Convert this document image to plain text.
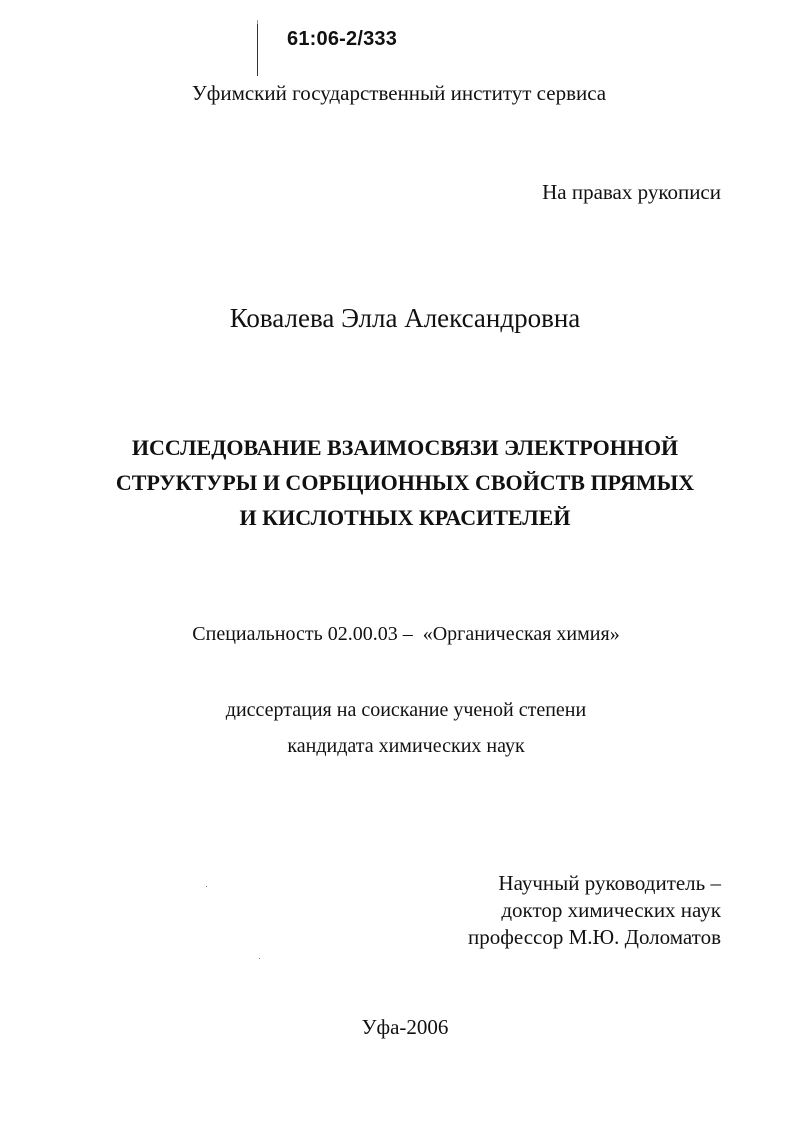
61:06-2/333
Уфимский государственный институт сервиса
На правах рукописи
Ковалева Элла Александровна
ИССЛЕДОВАНИЕ ВЗАИМОСВЯЗИ ЭЛЕКТРОННОЙ
СТРУКТУРЫ И СОРБЦИОННЫХ СВОЙСТВ ПРЯМЫХ
И КИСЛОТНЫХ КРАСИТЕЛЕЙ
Специальность 02.00.03 –  «Органическая химия»
диссертация на соискание ученой степени
кандидата химических наук
Научный руководитель –
доктор химических наук
профессор М.Ю. Доломатов
Уфа-2006
